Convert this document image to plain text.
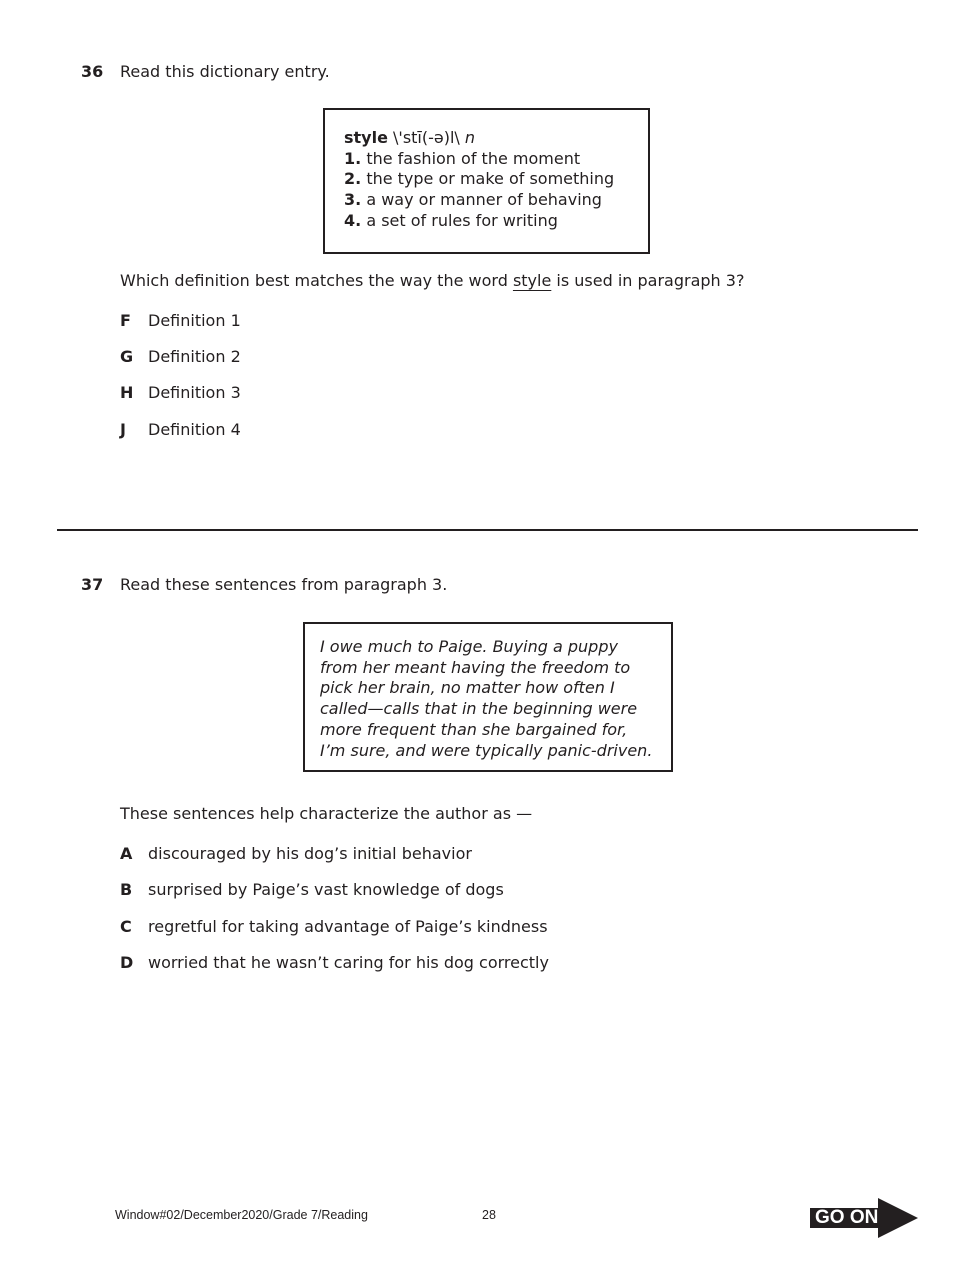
36 Read this dictionary entry.
style \'stī(-ə)l\ n
1. the fashion of the moment
2. the type or make of something
3. a way or manner of behaving
4. a set of rules for writing
Which definition best matches the way the word style is used in paragraph 3?
F Definition 1
G Definition 2
H Definition 3
J Definition 4
37 Read these sentences from paragraph 3.
I owe much to Paige. Buying a puppy
from her meant having the freedom to
pick her brain, no matter how often I
called—calls that in the beginning were
more frequent than she bargained for,
I’m sure, and were typically panic-driven.
These sentences help characterize the author as —
A discouraged by his dog’s initial behavior
B surprised by Paige’s vast knowledge of dogs
C regretful for taking advantage of Paige’s kindness
D worried that he wasn’t caring for his dog correctly
Window#02/December2020/Grade 7/Reading	28	GO ON
